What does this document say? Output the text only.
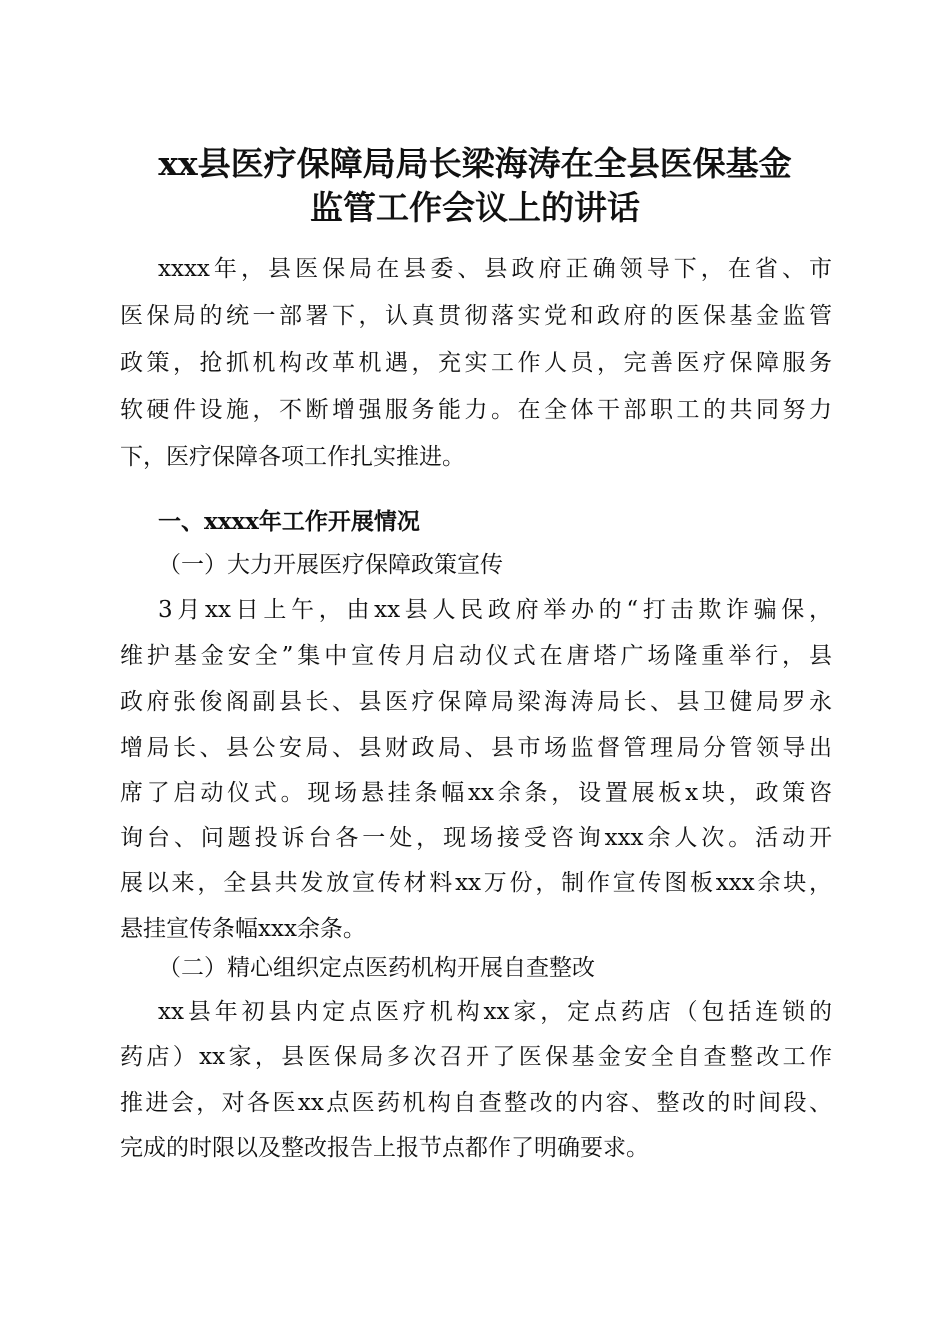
xx县医疗保障局局长梁海涛在全县医保基金
监管工作会议上的讲话
xxxx年，县医保局在县委、县政府正确领导下，在省、市
医保局的统一部署下，认真贯彻落实党和政府的医保基金监管
政策，抢抓机构改革机遇，充实工作人员，完善医疗保障服务
软硬件设施，不断增强服务能力。在全体干部职工的共同努力
下，医疗保障各项工作扎实推进。
一、xxxx年工作开展情况
（一）大力开展医疗保障政策宣传
3月xx日上午，由xx县人民政府举办的“打击欺诈骗保，
维护基金安全”集中宣传月启动仪式在唐塔广场隆重举行，县
政府张俊阁副县长、县医疗保障局梁海涛局长、县卫健局罗永
增局长、县公安局、县财政局、县市场监督管理局分管领导出
席了启动仪式。现场悬挂条幅xx余条，设置展板x块，政策咨
询台、问题投诉台各一处，现场接受咨询xxx余人次。活动开
展以来，全县共发放宣传材料xx万份，制作宣传图板xxx余块，
悬挂宣传条幅xxx余条。
（二）精心组织定点医药机构开展自查整改
xx县年初县内定点医疗机构xx家，定点药店（包括连锁的
药店）xx家，县医保局多次召开了医保基金安全自查整改工作
推进会，对各医xx点医药机构自查整改的内容、整改的时间段、
完成的时限以及整改报告上报节点都作了明确要求。
